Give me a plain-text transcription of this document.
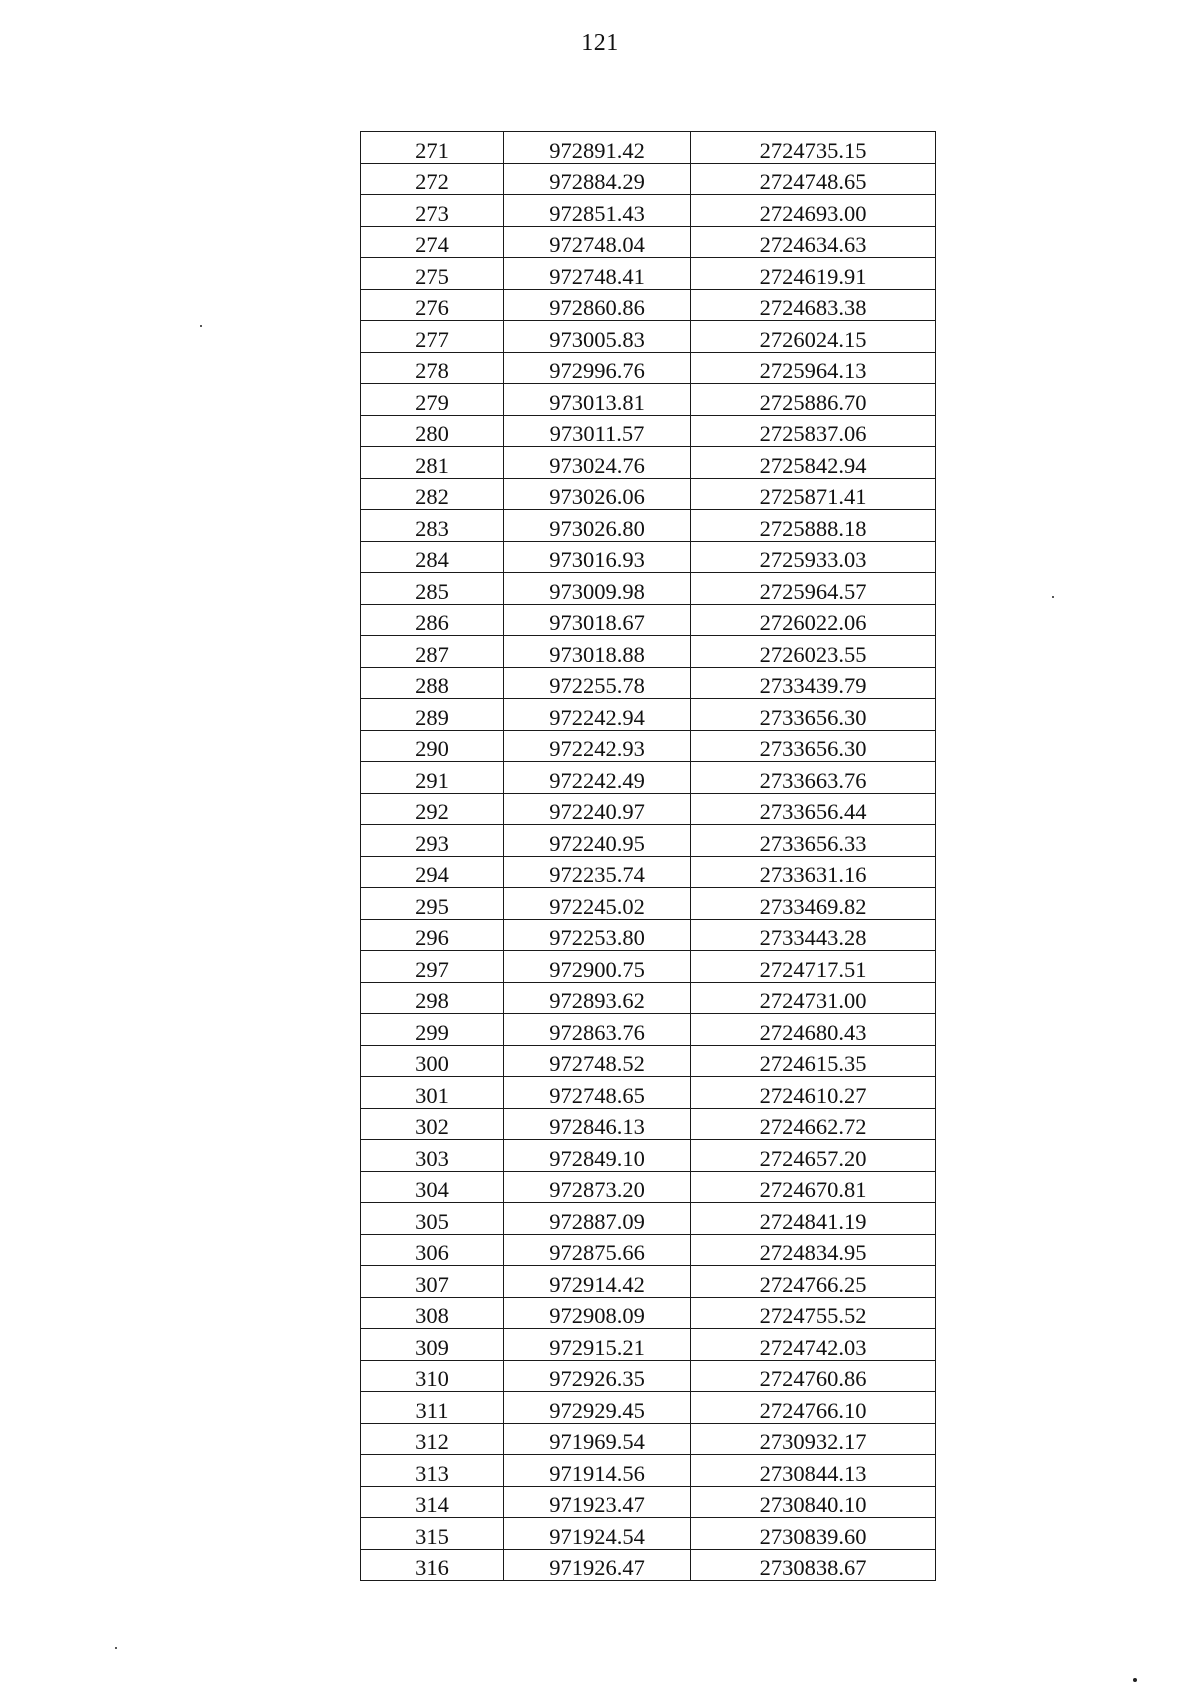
121
271	972891.42	2724735.15
272	972884.29	2724748.65
273	972851.43	2724693.00
274	972748.04	2724634.63
275	972748.41	2724619.91
276	972860.86	2724683.38
277	973005.83	2726024.15
278	972996.76	2725964.13
279	973013.81	2725886.70
280	973011.57	2725837.06
281	973024.76	2725842.94
282	973026.06	2725871.41
283	973026.80	2725888.18
284	973016.93	2725933.03
285	973009.98	2725964.57
286	973018.67	2726022.06
287	973018.88	2726023.55
288	972255.78	2733439.79
289	972242.94	2733656.30
290	972242.93	2733656.30
291	972242.49	2733663.76
292	972240.97	2733656.44
293	972240.95	2733656.33
294	972235.74	2733631.16
295	972245.02	2733469.82
296	972253.80	2733443.28
297	972900.75	2724717.51
298	972893.62	2724731.00
299	972863.76	2724680.43
300	972748.52	2724615.35
301	972748.65	2724610.27
302	972846.13	2724662.72
303	972849.10	2724657.20
304	972873.20	2724670.81
305	972887.09	2724841.19
306	972875.66	2724834.95
307	972914.42	2724766.25
308	972908.09	2724755.52
309	972915.21	2724742.03
310	972926.35	2724760.86
311	972929.45	2724766.10
312	971969.54	2730932.17
313	971914.56	2730844.13
314	971923.47	2730840.10
315	971924.54	2730839.60
316	971926.47	2730838.67
